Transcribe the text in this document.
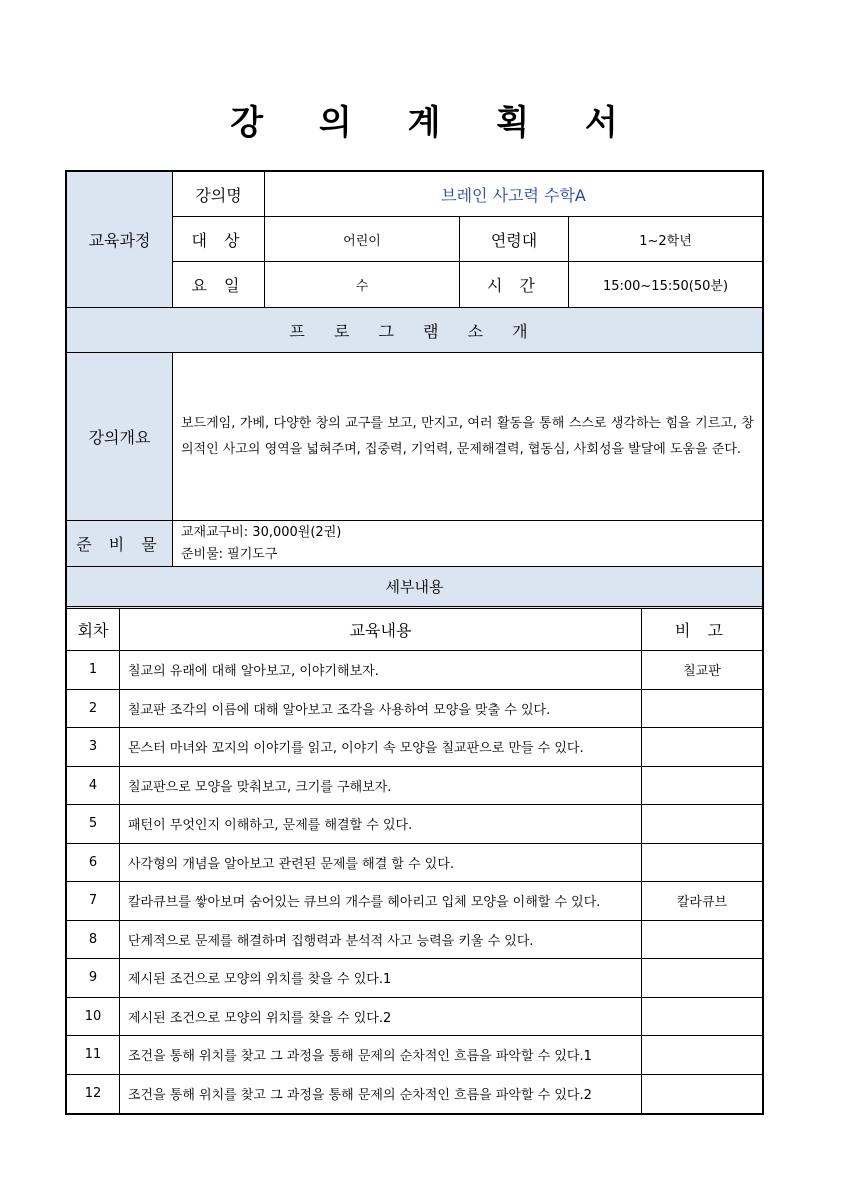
강 의 계 획 서
교육과정
강의명	브레인 사고력 수학A
대 상	어린이	연령대	1~2학년
요 일	수	시 간	15:00~15:50(50분)
프 로 그 램 소 개
강의개요
보드게임, 가베, 다양한 창의 교구를 보고, 만지고, 여러 활동을 통해 스스로 생각하는 힘을 기르고, 창의적인 사고의 영역을 넓혀주며, 집중력, 기억력, 문제해결력, 협동심, 사회성을 발달에 도움을 준다.
준 비 물
교재교구비: 30,000원(2권)
준비물: 필기도구
세부내용
회차	교육내용	비 고
1	칠교의 유래에 대해 알아보고, 이야기해보자.	칠교판
2	칠교판 조각의 이름에 대해 알아보고 조각을 사용하여 모양을 맞출 수 있다.
3	몬스터 마녀와 꼬지의 이야기를 읽고, 이야기 속 모양을 칠교판으로 만들 수 있다.
4	칠교판으로 모양을 맞춰보고, 크기를 구해보자.
5	패턴이 무엇인지 이해하고, 문제를 해결할 수 있다.
6	사각형의 개념을 알아보고 관련된 문제를 해결 할 수 있다.
7	칼라큐브를 쌓아보며 숨어있는 큐브의 개수를 헤아리고 입체 모양을 이해할 수 있다.	칼라큐브
8	단계적으로 문제를 해결하며 집행력과 분석적 사고 능력을 키울 수 있다.
9	제시된 조건으로 모양의 위치를 찾을 수 있다.1
10	제시된 조건으로 모양의 위치를 찾을 수 있다.2
11	조건을 통해 위치를 찾고 그 과정을 통해 문제의 순차적인 흐름을 파악할 수 있다.1
12	조건을 통해 위치를 찾고 그 과정을 통해 문제의 순차적인 흐름을 파악할 수 있다.2
